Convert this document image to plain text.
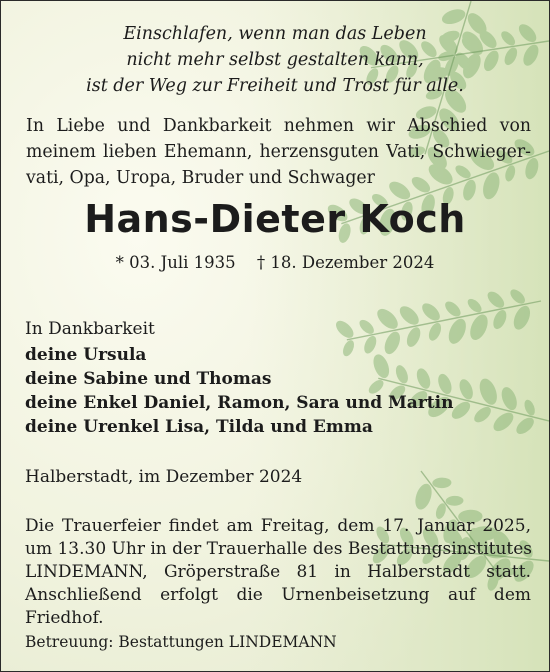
Einschlafen, wenn man das Leben
nicht mehr selbst gestalten kann,
ist der Weg zur Freiheit und Trost für alle.
In Liebe und Dankbarkeit nehmen wir Abschied von
meinem lieben Ehemann, herzensguten Vati, Schwieger-
vati, Opa, Uropa, Bruder und Schwager
Hans-Dieter Koch
* 03. Juli 1935 † 18. Dezember 2024
In Dankbarkeit
deine Ursula
deine Sabine und Thomas
deine Enkel Daniel, Ramon, Sara und Martin
deine Urenkel Lisa, Tilda und Emma
Halberstadt, im Dezember 2024
Die Trauerfeier findet am Freitag, dem 17. Januar 2025,
um 13.30 Uhr in der Trauerhalle des Bestattungsinstitutes
LINDEMANN, Gröperstraße 81 in Halberstadt statt.
Anschließend erfolgt die Urnenbeisetzung auf dem
Friedhof.
Betreuung: Bestattungen LINDEMANN
